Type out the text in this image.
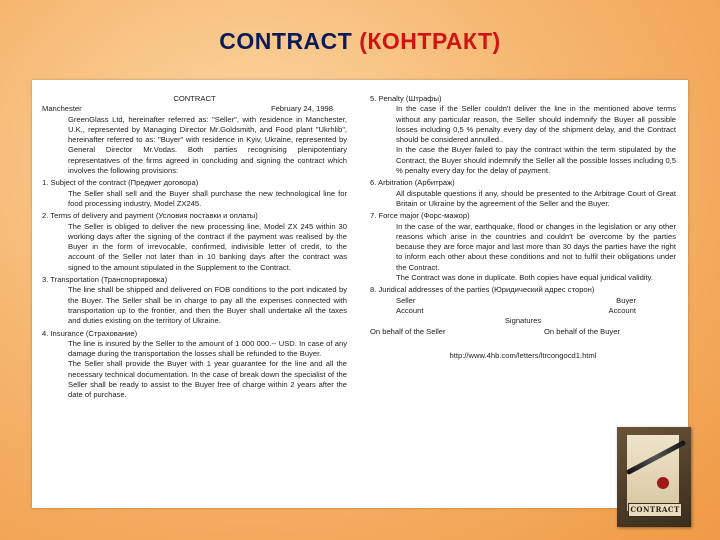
CONTRACT (КОНТРАКТ)
CONTRACT
Manchester	February 24, 1998
GreenGlass Ltd, hereinafter referred as: "Seller", with residence in Manchester, U.K., represented by Managing Director Mr.Goldsmith, and Food plant "Ukrhlib", hereinafter referred to as: "Buyer" with residence in Kyiv, Ukraine, represented by General Director Mr.Vodas. Both parties recognising plenipotentiary representatives of the firms agreed in concluding and signing the contract which involves the following provisions:
1. Subject of the contract (Предмет договора)
The Seller shall sell and the Buyer shall purchase the new technological line for food processing industry, Model ZX245.
2. Terms of delivery and payment (Условия поставки и оплаты)
The Seller is obliged to deliver the new processing line, Model ZX 245 within 30 working days after the signing of the contract if the payment was realised by the Buyer in the form of irrevocable, confirmed, indivisible letter of credit, to the account of the Seller not later than in 10 banking days after the contract was signed to the amount stipulated in the Supplement to the Contract.
3. Transportation (Транспортировка)
The line shall be shipped and delivered on FOB conditions to the port indicated by the Buyer. The Seller shall be in charge to pay all the expenses connected with transportation up to the frontier, and then the Buyer shall undertake all the taxes and duties existing on the territory of Ukraine.
4. Insurance (Страхование)
The line is insured by the Seller to the amount of 1 000 000.-- USD. In case of any damage during the transportation the losses shall be refunded to the Buyer.
The Seller shall provide the Buyer with 1 year guarantee for the line and all the necessary technical documentation. In the case of break down the specialist of the Seller shall be ready to assist to the Buyer free of charge within 2 years after the date of purchase.
5. Penalty (Штрафы)
In the case if the Seller couldn't deliver the line in the mentioned above terms without any particular reason, the Seller should indemnify the Buyer all possible losses including 0,5 % penalty every day of the shipment delay, and the Contract should be considered annulled..
In the case the Buyer failed to pay the contract within the term stipulated by the Contract, the Buyer should indemnify the Seller all the possible losses including 0,5 % penalty every day for the delay of payment.
6. Arbitration (Арбитраж)
All disputable questions if any, should be presented to the Arbitrage Court of Great Britain or Ukraine by the agreement of the Seller and the Buyer.
7. Force major (Форс-мажор)
In the case of the war, earthquake, flood or changes in the legislation or any other reasons which arise in the countries and couldn't be overcome by the parties because they are force major and last more than 30 days the parties have the right to inform each other about these conditions and not to fulfil their obligations under the Contract.
The Contract was done in duplicate. Both copies have equal juridical validity.
8. Juridical addresses of the parties (Юридический адрес сторон)
Seller	Buyer
Account	Account
Signatures
On behalf of the Seller	On behalf of the Buyer
http://www.4hb.com/letters/ltrcongocd1.html
CONTRACT
